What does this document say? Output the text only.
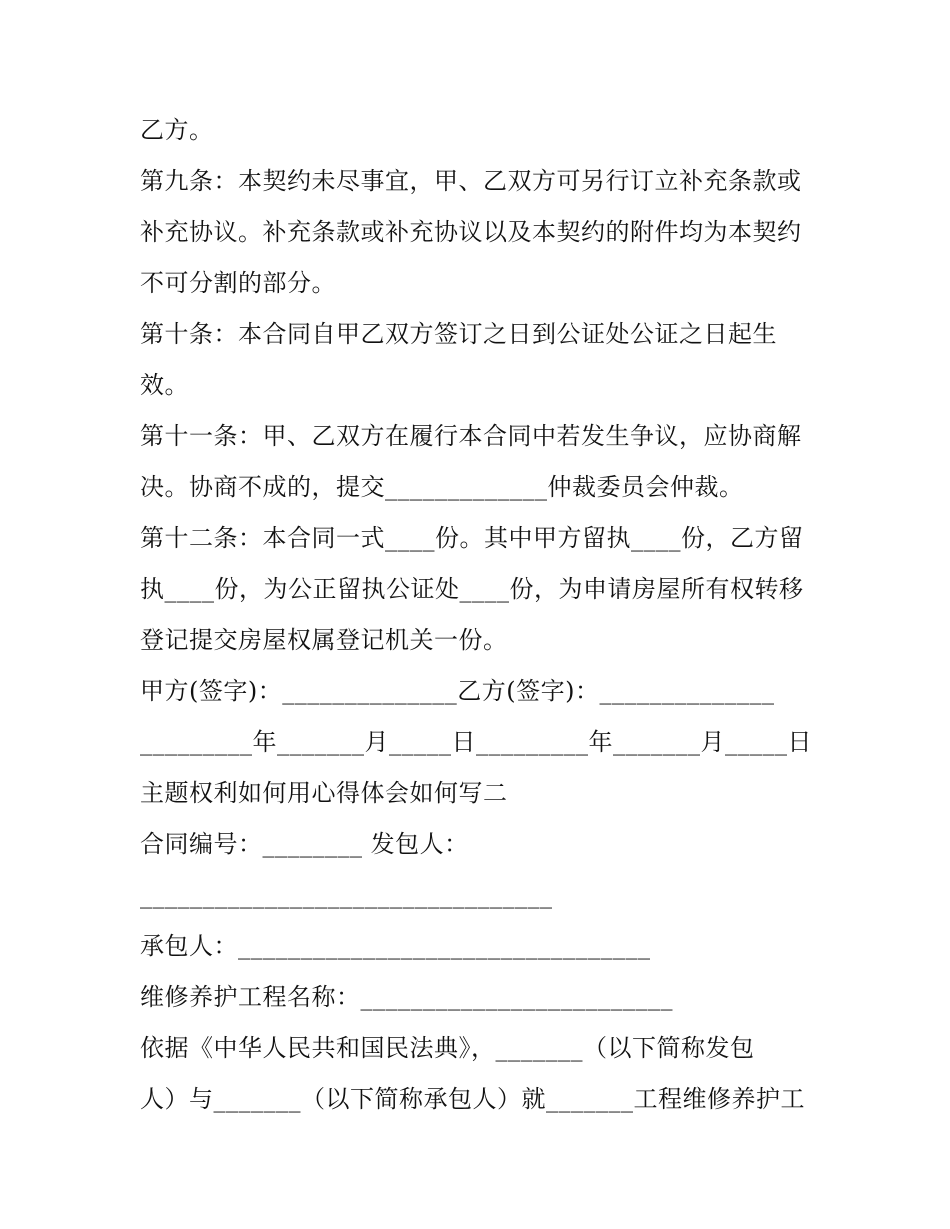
乙方。
第九条：本契约未尽事宜，甲、乙双方可另行订立补充条款或
补充协议。补充条款或补充协议以及本契约的附件均为本契约
不可分割的部分。
第十条：本合同自甲乙双方签订之日到公证处公证之日起生
效。
第十一条：甲、乙双方在履行本合同中若发生争议，应协商解
决。协商不成的，提交_____________仲裁委员会仲裁。
第十二条：本合同一式____份。其中甲方留执____份，乙方留
执____份，为公正留执公证处____份，为申请房屋所有权转移
登记提交房屋权属登记机关一份。
甲方(签字)：______________乙方(签字)：______________
_________年_______月_____日_________年_______月_____日
主题权利如何用心得体会如何写二
合同编号：________ 发包人：
_________________________________
承包人：_________________________________
维修养护工程名称：_________________________
依据《中华人民共和国民法典》，_______（以下简称发包
人）与_______（以下简称承包人）就_______工程维修养护工
